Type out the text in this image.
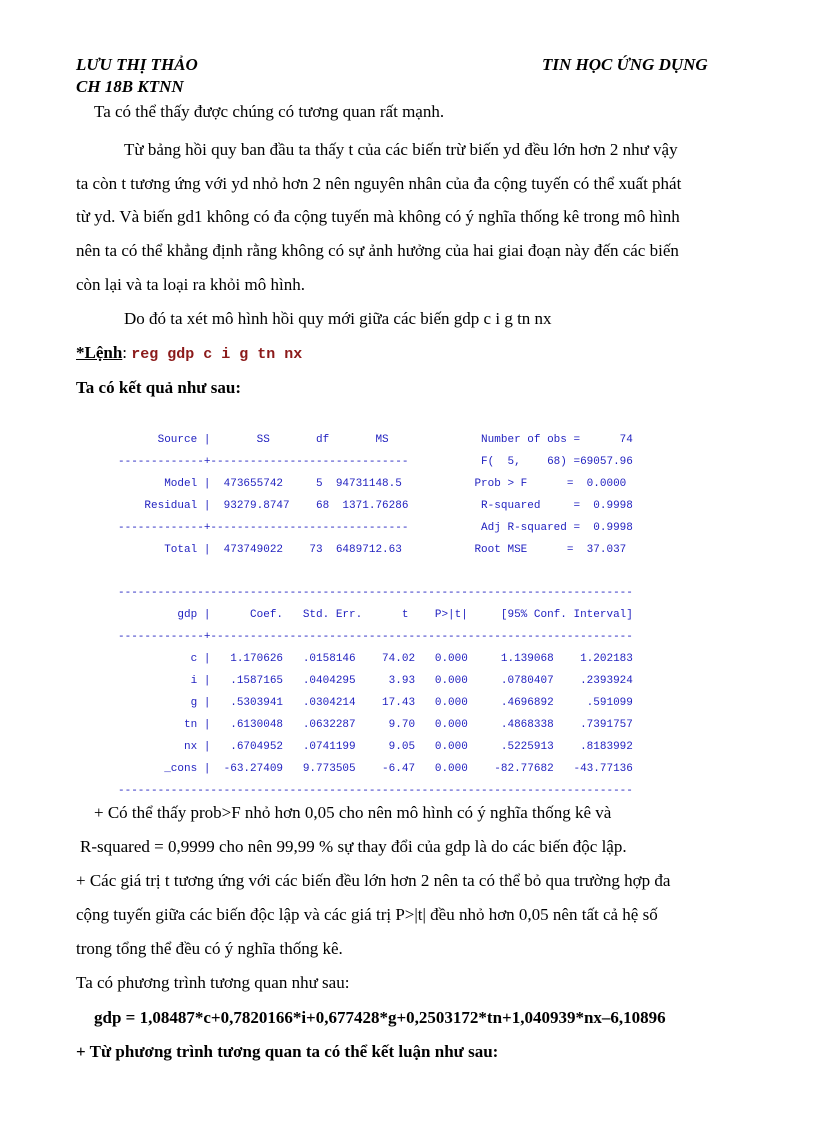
LƯU THỊ THẢO
CH 18B KTNN
TIN HỌC ỨNG DỤNG
Ta có thể thấy được chúng có tương quan rất mạnh.
Từ bảng hồi quy ban đầu ta thấy t của các biến trừ biến yd đều lớn hơn 2 như vậy
ta còn t tương ứng với yd nhỏ hơn 2 nên nguyên nhân của đa cộng tuyến có thể xuất phát
từ yd. Và biến gd1 không có đa cộng tuyến mà không có ý nghĩa thống kê trong mô hình
nên ta có thể khẳng định rằng không có sự ảnh hưởng của hai giai đoạn này đến các biến
còn lại và ta loại ra khỏi mô hình.
Do đó ta xét mô hình hồi quy mới giữa các biến gdp c i g tn nx
*Lệnh: reg gdp c i g tn nx
Ta có kết quả như sau:
Source |       SS       df       MS              Number of obs =      74
-------------+------------------------------           F(  5,    68) =69057.96
Model |  473655742     5  94731148.5           Prob > F      =  0.0000
Residual |  93279.8747    68  1371.76286           R-squared     =  0.9998
-------------+------------------------------           Adj R-squared =  0.9998
Total |  473749022    73  6489712.63           Root MSE      =  37.037

------------------------------------------------------------------------------
gdp |      Coef.   Std. Err.      t    P>|t|     [95% Conf. Interval]
-------------+----------------------------------------------------------------
c |   1.170626   .0158146    74.02   0.000     1.139068    1.202183
i |   .1587165   .0404295     3.93   0.000     .0780407    .2393924
g |   .5303941   .0304214    17.43   0.000     .4696892     .591099
tn |   .6130048   .0632287     9.70   0.000     .4868338    .7391757
nx |   .6704952   .0741199     9.05   0.000     .5225913    .8183992
_cons |  -63.27409   9.773505    -6.47   0.000    -82.77682   -43.77136
------------------------------------------------------------------------------
+ Có thể thấy prob>F nhỏ hơn 0,05 cho nên mô hình có ý nghĩa thống kê và
R-squared = 0,9999 cho nên 99,99 % sự thay đổi của gdp là do các biến độc lập.
+ Các giá trị t tương ứng với các biến đều lớn hơn 2 nên ta có thể bỏ qua trường hợp đa
cộng tuyến giữa các biến độc lập và các giá trị P>|t| đều nhỏ hơn 0,05 nên tất cả hệ số
trong tổng thể đều có ý nghĩa thống kê.
Ta có phương trình tương quan như sau:
gdp = 1,08487*c+0,7820166*i+0,677428*g+0,2503172*tn+1,040939*nx–6,10896
+ Từ phương trình tương quan ta có thể kết luận như sau:
